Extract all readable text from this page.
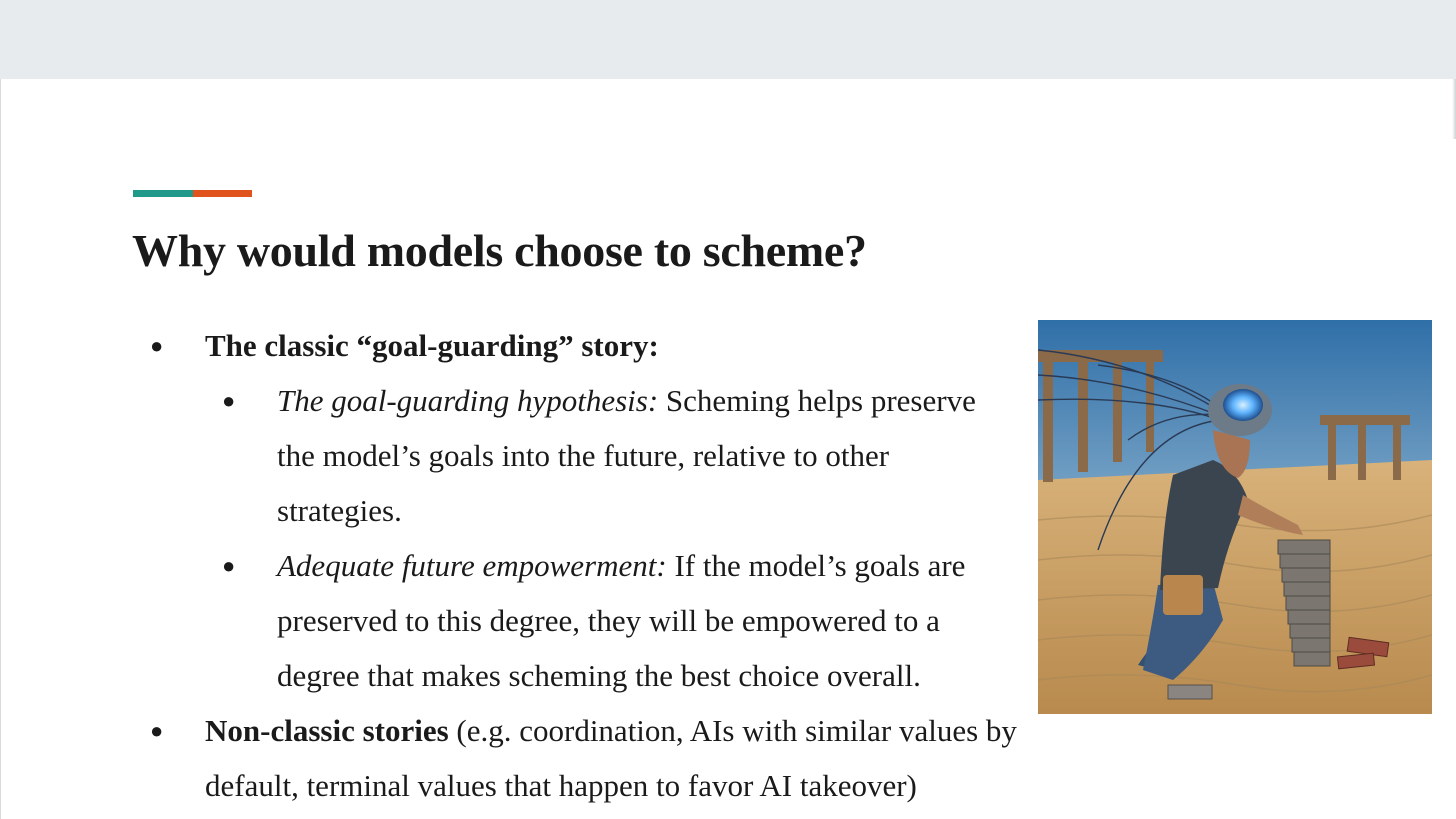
Why would models choose to scheme?
● The classic “goal-guarding” story:
● The goal-guarding hypothesis: Scheming helps preserve the model’s goals into the future, relative to other strategies.
● Adequate future empowerment: If the model’s goals are preserved to this degree, they will be empowered to a degree that makes scheming the best choice overall.
● Non-classic stories (e.g. coordination, AIs with similar values by default, terminal values that happen to favor AI takeover)
